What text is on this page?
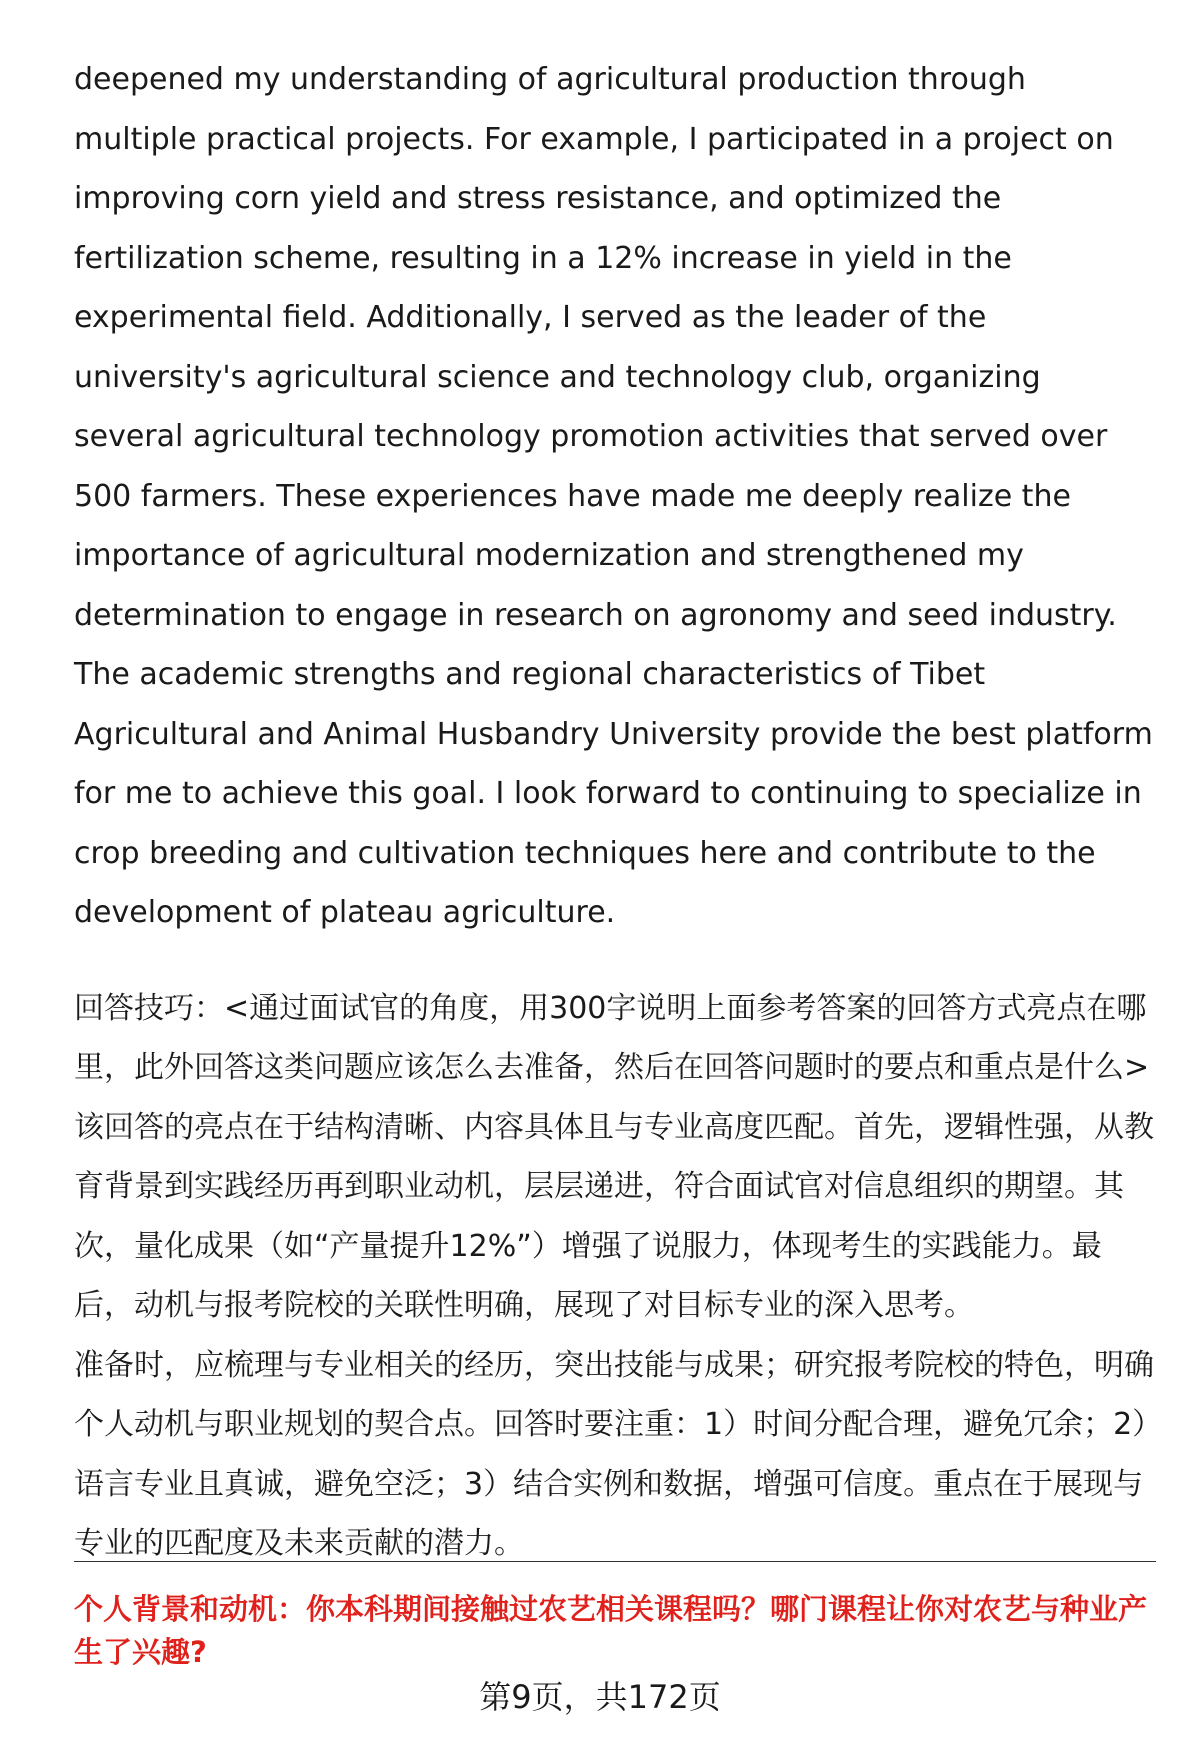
deepened my understanding of agricultural production through multiple practical projects. For example, I participated in a project on improving corn yield and stress resistance, and optimized the fertilization scheme, resulting in a 12% increase in yield in the experimental field. Additionally, I served as the leader of the university's agricultural science and technology club, organizing several agricultural technology promotion activities that served over 500 farmers. These experiences have made me deeply realize the importance of agricultural modernization and strengthened my determination to engage in research on agronomy and seed industry. The academic strengths and regional characteristics of Tibet Agricultural and Animal Husbandry University provide the best platform for me to achieve this goal. I look forward to continuing to specialize in crop breeding and cultivation techniques here and contribute to the development of plateau agriculture.

回答技巧：<通过面试官的角度，用300字说明上面参考答案的回答方式亮点在哪里，此外回答这类问题应该怎么去准备，然后在回答问题时的要点和重点是什么>

该回答的亮点在于结构清晰、内容具体且与专业高度匹配。首先，逻辑性强，从教育背景到实践经历再到职业动机，层层递进，符合面试官对信息组织的期望。其次，量化成果（如“产量提升12%”）增强了说服力，体现考生的实践能力。最后，动机与报考院校的关联性明确，展现了对目标专业的深入思考。

准备时，应梳理与专业相关的经历，突出技能与成果；研究报考院校的特色，明确个人动机与职业规划的契合点。回答时要注重：1）时间分配合理，避免冗余；2）语言专业且真诚，避免空泛；3）结合实例和数据，增强可信度。重点在于展现与专业的匹配度及未来贡献的潜力。

个人背景和动机：你本科期间接触过农艺相关课程吗？哪门课程让你对农艺与种业产生了兴趣?

第9页，共172页
